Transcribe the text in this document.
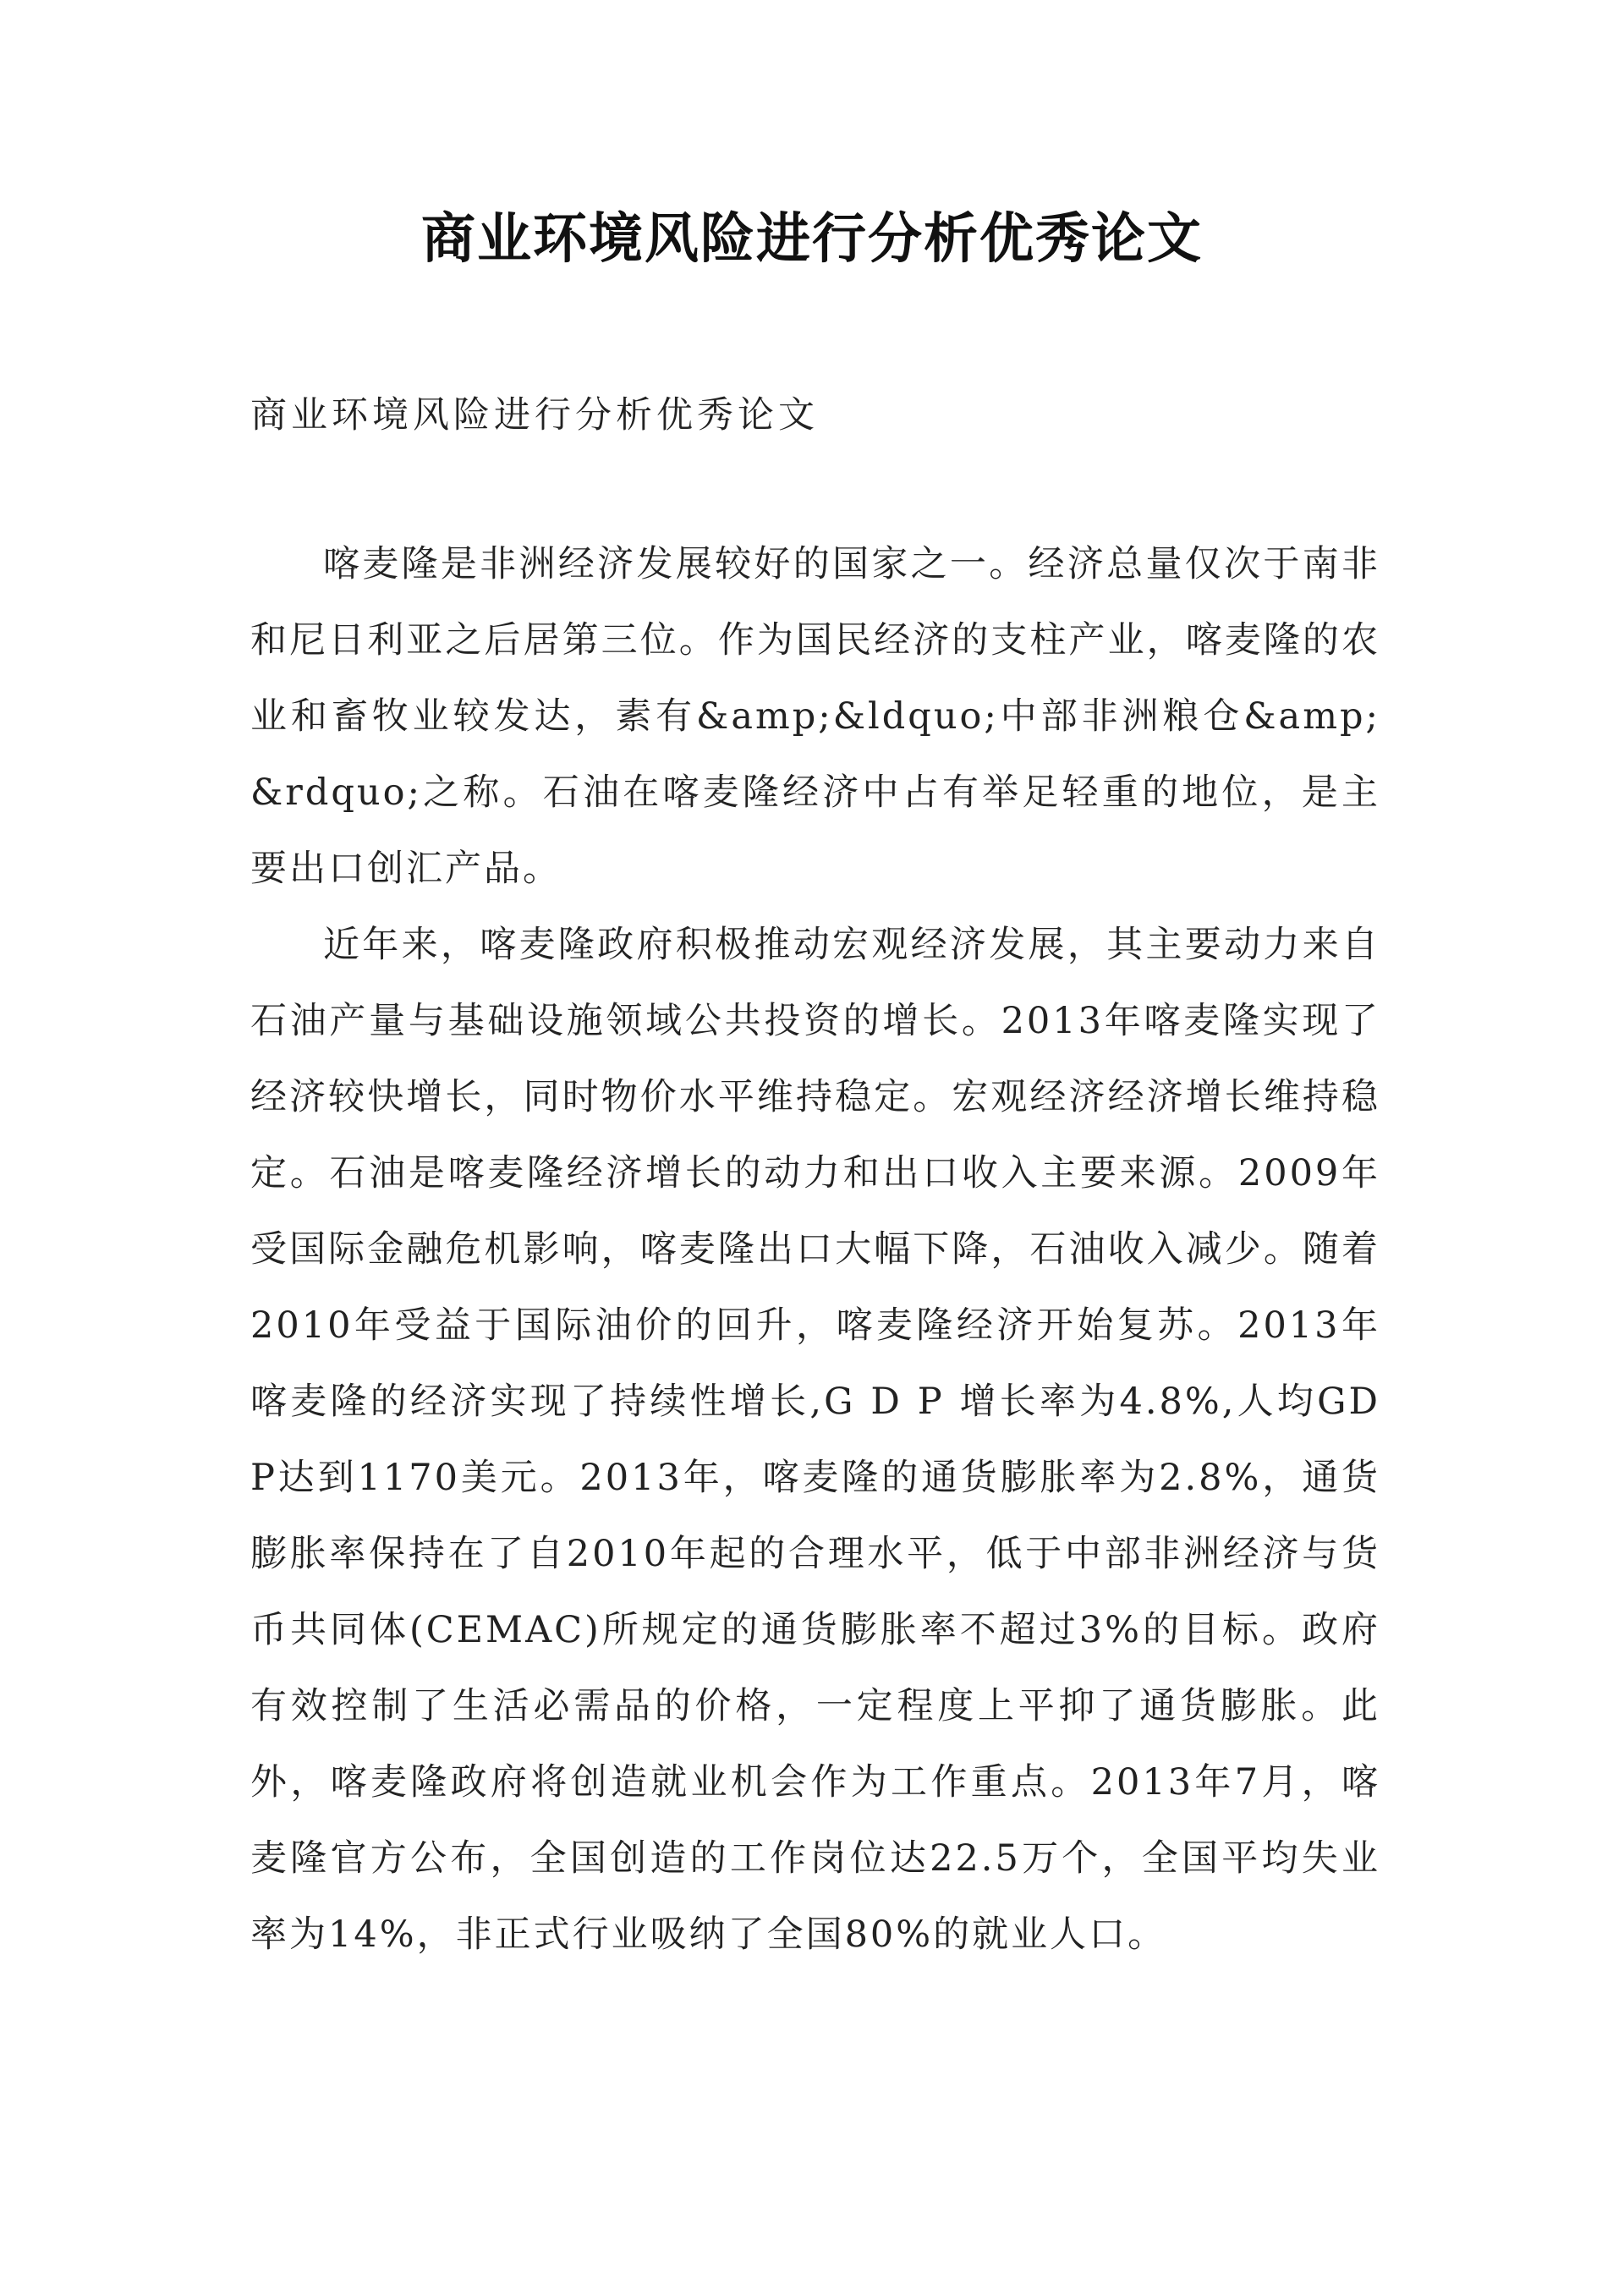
商业环境风险进行分析优秀论文

商业环境风险进行分析优秀论文

喀麦隆是非洲经济发展较好的国家之一。经济总量仅次于南非和尼日利亚之后居第三位。作为国民经济的支柱产业，喀麦隆的农业和畜牧业较发达，素有&amp;&ldquo;中部非洲粮仓&amp;&rdquo;之称。石油在喀麦隆经济中占有举足轻重的地位，是主要出口创汇产品。

近年来，喀麦隆政府积极推动宏观经济发展，其主要动力来自石油产量与基础设施领域公共投资的增长。2013年喀麦隆实现了经济较快增长，同时物价水平维持稳定。宏观经济经济增长维持稳定。石油是喀麦隆经济增长的动力和出口收入主要来源。2009年受国际金融危机影响，喀麦隆出口大幅下降，石油收入减少。随着2010年受益于国际油价的回升，喀麦隆经济开始复苏。2013年喀麦隆的经济实现了持续性增长,G D P 增长率为4.8%,人均GDP达到1170美元。2013年，喀麦隆的通货膨胀率为2.8%，通货膨胀率保持在了自2010年起的合理水平，低于中部非洲经济与货币共同体(CEMAC)所规定的通货膨胀率不超过3%的目标。政府有效控制了生活必需品的价格，一定程度上平抑了通货膨胀。此外，喀麦隆政府将创造就业机会作为工作重点。2013年7月，喀麦隆官方公布，全国创造的工作岗位达22.5万个，全国平均失业率为14%，非正式行业吸纳了全国80%的就业人口。
